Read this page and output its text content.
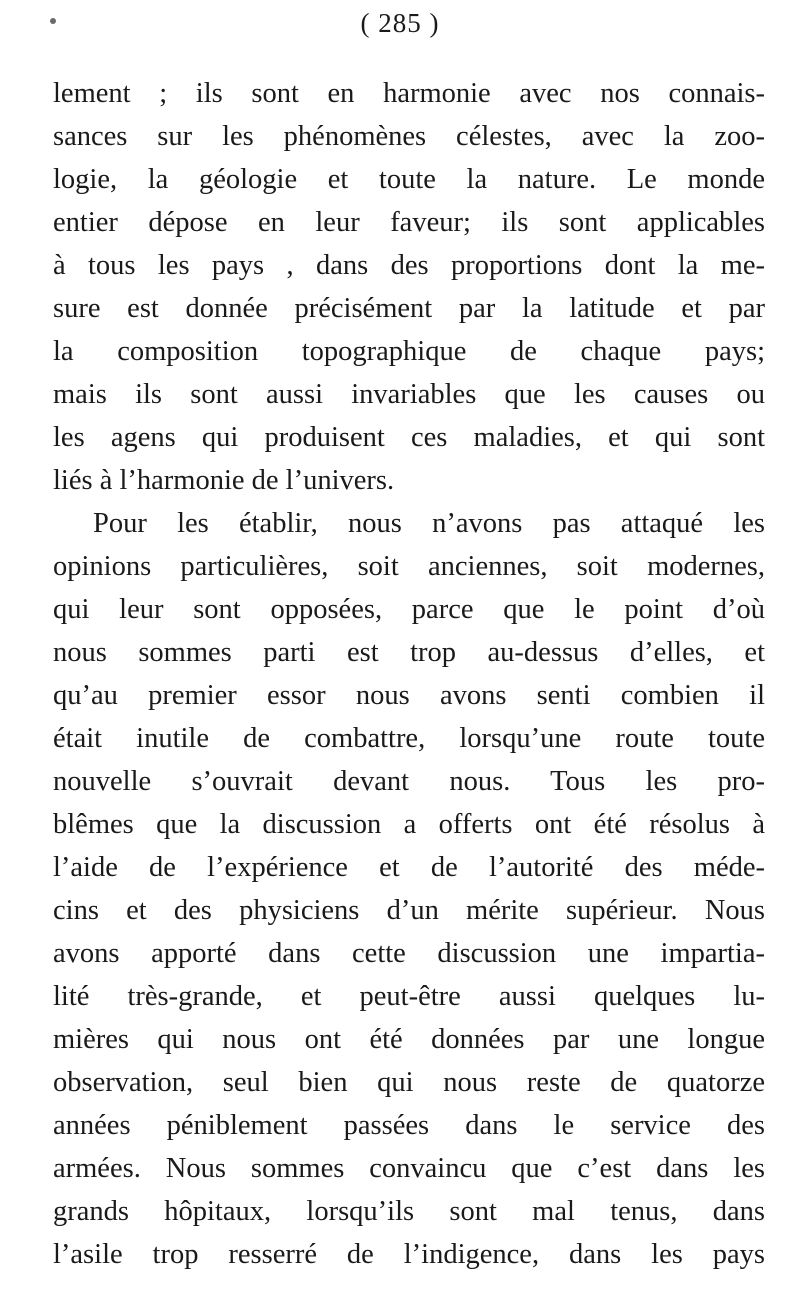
( 285 )
lement ; ils sont en harmonie avec nos connais-
sances sur les phénomènes célestes, avec la zoo-
logie, la géologie et toute la nature. Le monde
entier dépose en leur faveur; ils sont applicables
à tous les pays , dans des proportions dont la me-
sure est donnée précisément par la latitude et par
la composition topographique de chaque pays;
mais ils sont aussi invariables que les causes ou
les agens qui produisent ces maladies, et qui sont
liés à l’harmonie de l’univers.
Pour les établir, nous n’avons pas attaqué les
opinions particulières, soit anciennes, soit modernes,
qui leur sont opposées, parce que le point d’où
nous sommes parti est trop au-dessus d’elles, et
qu’au premier essor nous avons senti combien il
était inutile de combattre, lorsqu’une route toute
nouvelle s’ouvrait devant nous. Tous les pro-
blêmes que la discussion a offerts ont été résolus à
l’aide de l’expérience et de l’autorité des méde-
cins et des physiciens d’un mérite supérieur. Nous
avons apporté dans cette discussion une impartia-
lité très-grande, et peut-être aussi quelques lu-
mières qui nous ont été données par une longue
observation, seul bien qui nous reste de quatorze
années péniblement passées dans le service des
armées. Nous sommes convaincu que c’est dans les
grands hôpitaux, lorsqu’ils sont mal tenus, dans
l’asile trop resserré de l’indigence, dans les pays
